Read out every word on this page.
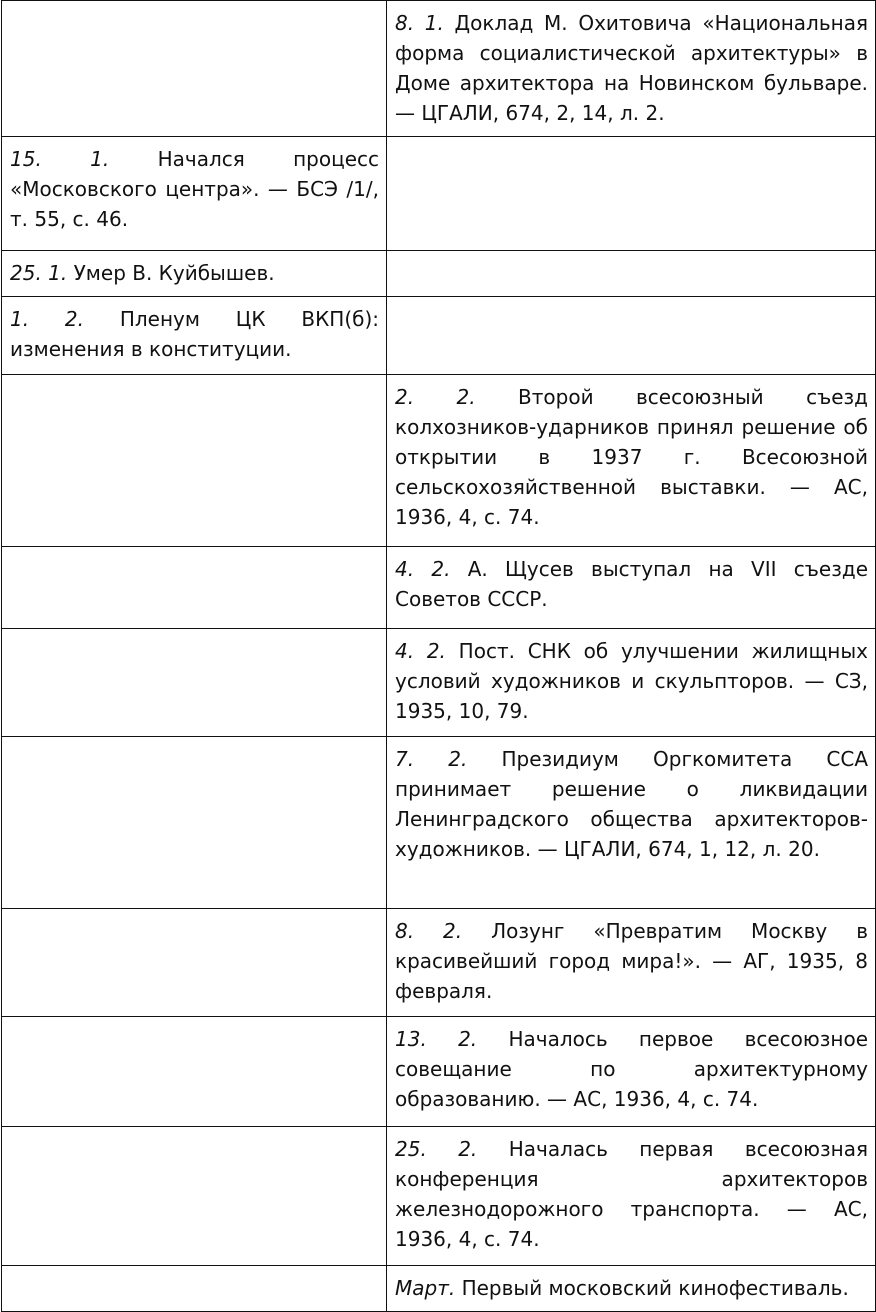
	8. 1. Доклад М. Охитовича «Национальная форма социалистической архитектуры» в Доме архитектора на Новинском бульваре. — ЦГАЛИ, 674, 2, 14, л. 2.
15. 1. Начался процесс «Московского центра». — БСЭ /1/, т. 55, с. 46.	
25. 1. Умер В. Куйбышев.	
1. 2. Пленум ЦК ВКП(б): изменения в конституции.	
	2. 2. Второй всесоюзный съезд колхозников-ударников принял решение об открытии в 1937 г. Всесоюзной сельскохозяйственной выставки. — АС, 1936, 4, с. 74.
	4. 2. А. Щусев выступал на VII съезде Советов СССР.
	4. 2. Пост. СНК об улучшении жилищных условий художников и скульпторов. — СЗ, 1935, 10, 79.
	7. 2. Президиум Оргкомитета ССА принимает решение о ликвидации Ленинградского общества архитекторов-художников. — ЦГАЛИ, 674, 1, 12, л. 20.
	8. 2. Лозунг «Превратим Москву в красивейший город мира!». — АГ, 1935, 8 февраля.
	13. 2. Началось первое всесоюзное совещание по архитектурному образованию. — АС, 1936, 4, с. 74.
	25. 2. Началась первая всесоюзная конференция архитекторов железнодорожного транспорта. — АС, 1936, 4, с. 74.
	Март. Первый московский кинофестиваль.
